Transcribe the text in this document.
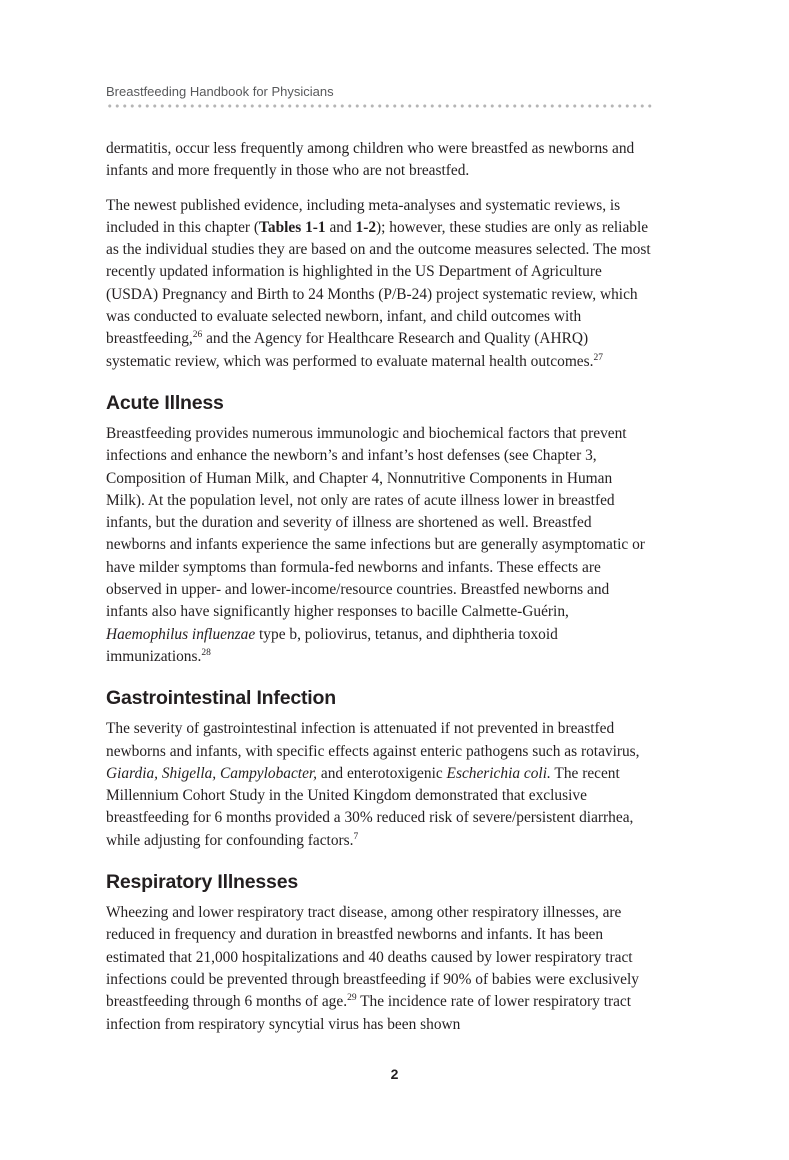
Breastfeeding Handbook for Physicians

dermatitis, occur less frequently among children who were breastfed as newborns and infants and more frequently in those who are not breastfed.

The newest published evidence, including meta-analyses and systematic reviews, is included in this chapter (Tables 1-1 and 1-2); however, these studies are only as reliable as the individual studies they are based on and the outcome measures selected. The most recently updated information is highlighted in the US Department of Agriculture (USDA) Pregnancy and Birth to 24 Months (P/B-24) project systematic review, which was conducted to evaluate selected newborn, infant, and child outcomes with breastfeeding,$^{26}$ and the Agency for Healthcare Research and Quality (AHRQ) systematic review, which was performed to evaluate maternal health outcomes.$^{27}$

Acute Illness

Breastfeeding provides numerous immunologic and biochemical factors that prevent infections and enhance the newborn’s and infant’s host defenses (see Chapter 3, Composition of Human Milk, and Chapter 4, Nonnutritive Components in Human Milk). At the population level, not only are rates of acute illness lower in breastfed infants, but the duration and severity of illness are shortened as well. Breastfed newborns and infants experience the same infections but are generally asymptomatic or have milder symptoms than formula-fed newborns and infants. These effects are observed in upper- and lower-income/resource countries. Breastfed newborns and infants also have significantly higher responses to bacille Calmette-Guérin, Haemophilus influenzae type b, poliovirus, tetanus, and diphtheria toxoid immunizations.$^{28}$

Gastrointestinal Infection

The severity of gastrointestinal infection is attenuated if not prevented in breastfed newborns and infants, with specific effects against enteric pathogens such as rotavirus, Giardia, Shigella, Campylobacter, and enterotoxigenic Escherichia coli. The recent Millennium Cohort Study in the United Kingdom demonstrated that exclusive breastfeeding for 6 months provided a 30% reduced risk of severe/persistent diarrhea, while adjusting for confounding factors.$^7$

Respiratory Illnesses

Wheezing and lower respiratory tract disease, among other respiratory illnesses, are reduced in frequency and duration in breastfed newborns and infants. It has been estimated that 21,000 hospitalizations and 40 deaths caused by lower respiratory tract infections could be prevented through breastfeeding if 90% of babies were exclusively breastfeeding through 6 months of age.$^{29}$ The incidence rate of lower respiratory tract infection from respiratory syncytial virus has been shown

2
